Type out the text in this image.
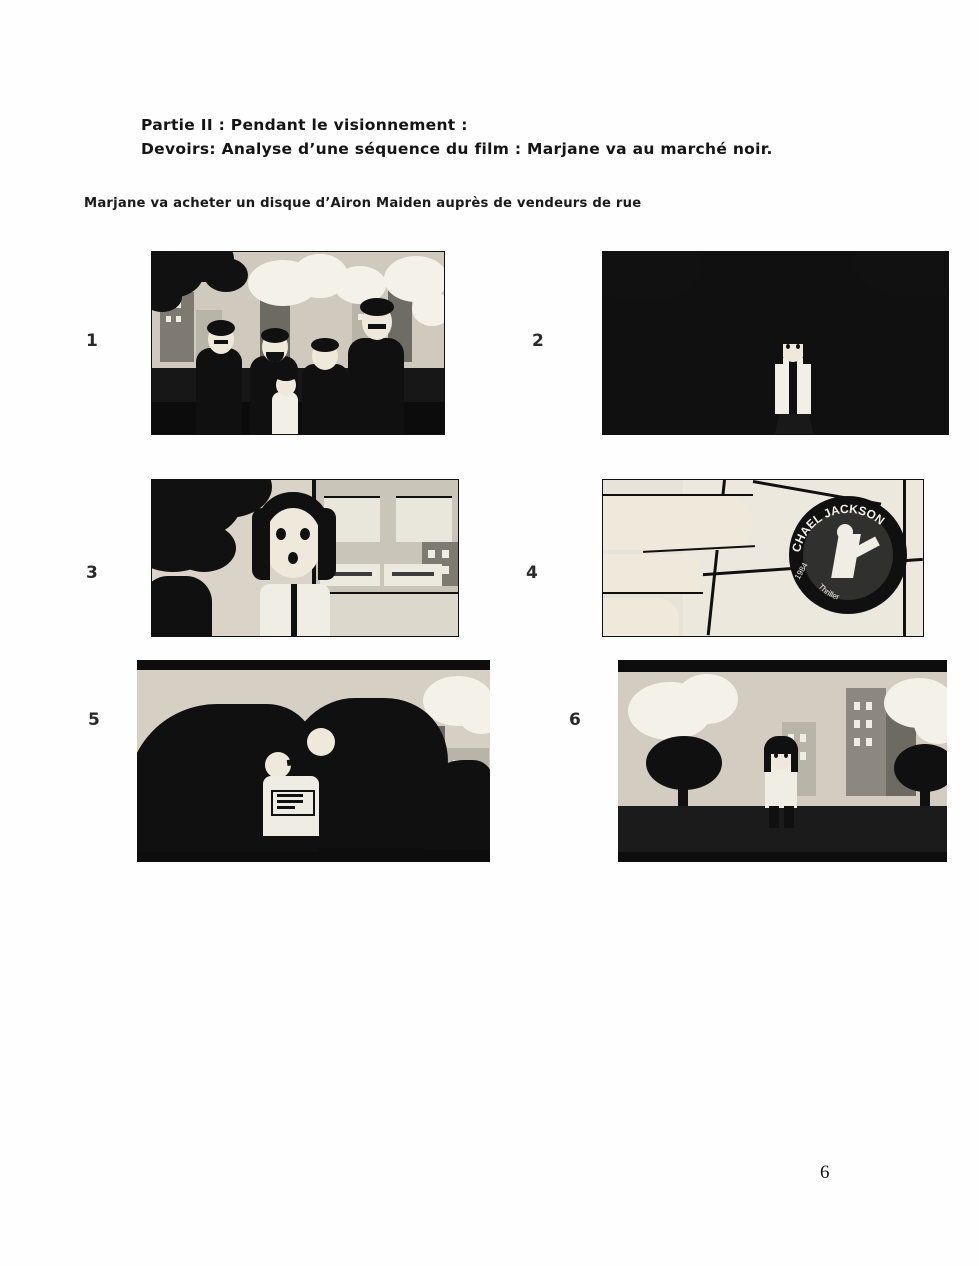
Partie II : Pendant le visionnement :
Devoirs: Analyse d’une séquence du film : Marjane va au marché noir.
Marjane va acheter un disque d’Airon Maiden auprès de vendeurs de rue
1	2
3	4
CHAEL JACKSON
Thriller
1984
5	6
6
